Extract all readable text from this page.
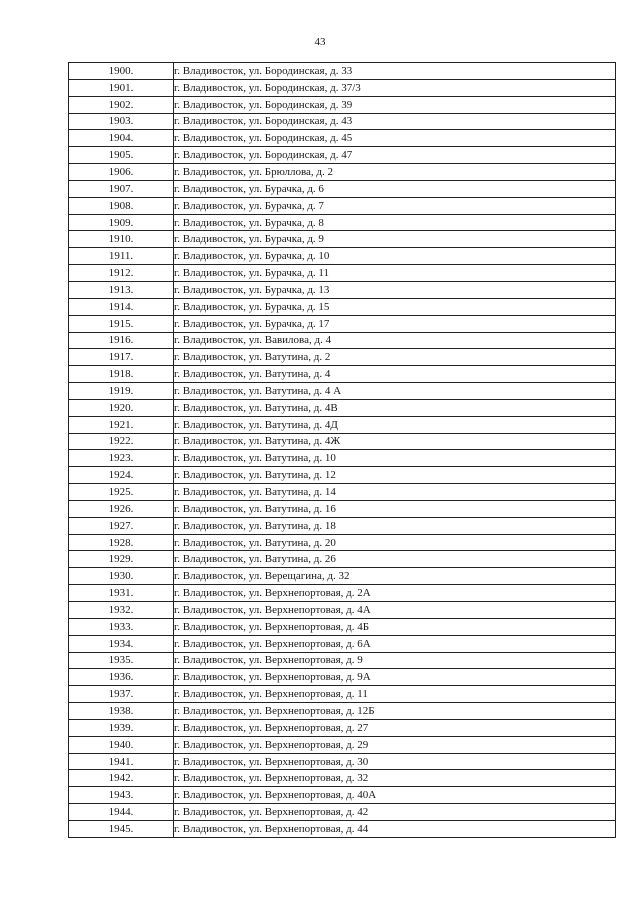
43
1900.	г. Владивосток, ул. Бородинская, д. 33
1901.	г. Владивосток, ул. Бородинская, д. 37/3
1902.	г. Владивосток, ул. Бородинская, д. 39
1903.	г. Владивосток, ул. Бородинская, д. 43
1904.	г. Владивосток, ул. Бородинская, д. 45
1905.	г. Владивосток, ул. Бородинская, д. 47
1906.	г. Владивосток, ул. Брюллова, д. 2
1907.	г. Владивосток, ул. Бурачка, д. 6
1908.	г. Владивосток, ул. Бурачка, д. 7
1909.	г. Владивосток, ул. Бурачка, д. 8
1910.	г. Владивосток, ул. Бурачка, д. 9
1911.	г. Владивосток, ул. Бурачка, д. 10
1912.	г. Владивосток, ул. Бурачка, д. 11
1913.	г. Владивосток, ул. Бурачка, д. 13
1914.	г. Владивосток, ул. Бурачка, д. 15
1915.	г. Владивосток, ул. Бурачка, д. 17
1916.	г. Владивосток, ул. Вавилова, д. 4
1917.	г. Владивосток, ул. Ватутина, д. 2
1918.	г. Владивосток, ул. Ватутина, д. 4
1919.	г. Владивосток, ул. Ватутина, д. 4 А
1920.	г. Владивосток, ул. Ватутина, д. 4В
1921.	г. Владивосток, ул. Ватутина, д. 4Д
1922.	г. Владивосток, ул. Ватутина, д. 4Ж
1923.	г. Владивосток, ул. Ватутина, д. 10
1924.	г. Владивосток, ул. Ватутина, д. 12
1925.	г. Владивосток, ул. Ватутина, д. 14
1926.	г. Владивосток, ул. Ватутина, д. 16
1927.	г. Владивосток, ул. Ватутина, д. 18
1928.	г. Владивосток, ул. Ватутина, д. 20
1929.	г. Владивосток, ул. Ватутина, д. 26
1930.	г. Владивосток, ул. Верещагина, д. 32
1931.	г. Владивосток, ул. Верхнепортовая, д. 2А
1932.	г. Владивосток, ул. Верхнепортовая, д. 4А
1933.	г. Владивосток, ул. Верхнепортовая, д. 4Б
1934.	г. Владивосток, ул. Верхнепортовая, д. 6А
1935.	г. Владивосток, ул. Верхнепортовая, д. 9
1936.	г. Владивосток, ул. Верхнепортовая, д. 9А
1937.	г. Владивосток, ул. Верхнепортовая, д. 11
1938.	г. Владивосток, ул. Верхнепортовая, д. 12Б
1939.	г. Владивосток, ул. Верхнепортовая, д. 27
1940.	г. Владивосток, ул. Верхнепортовая, д. 29
1941.	г. Владивосток, ул. Верхнепортовая, д. 30
1942.	г. Владивосток, ул. Верхнепортовая, д. 32
1943.	г. Владивосток, ул. Верхнепортовая, д. 40А
1944.	г. Владивосток, ул. Верхнепортовая, д. 42
1945.	г. Владивосток, ул. Верхнепортовая, д. 44
